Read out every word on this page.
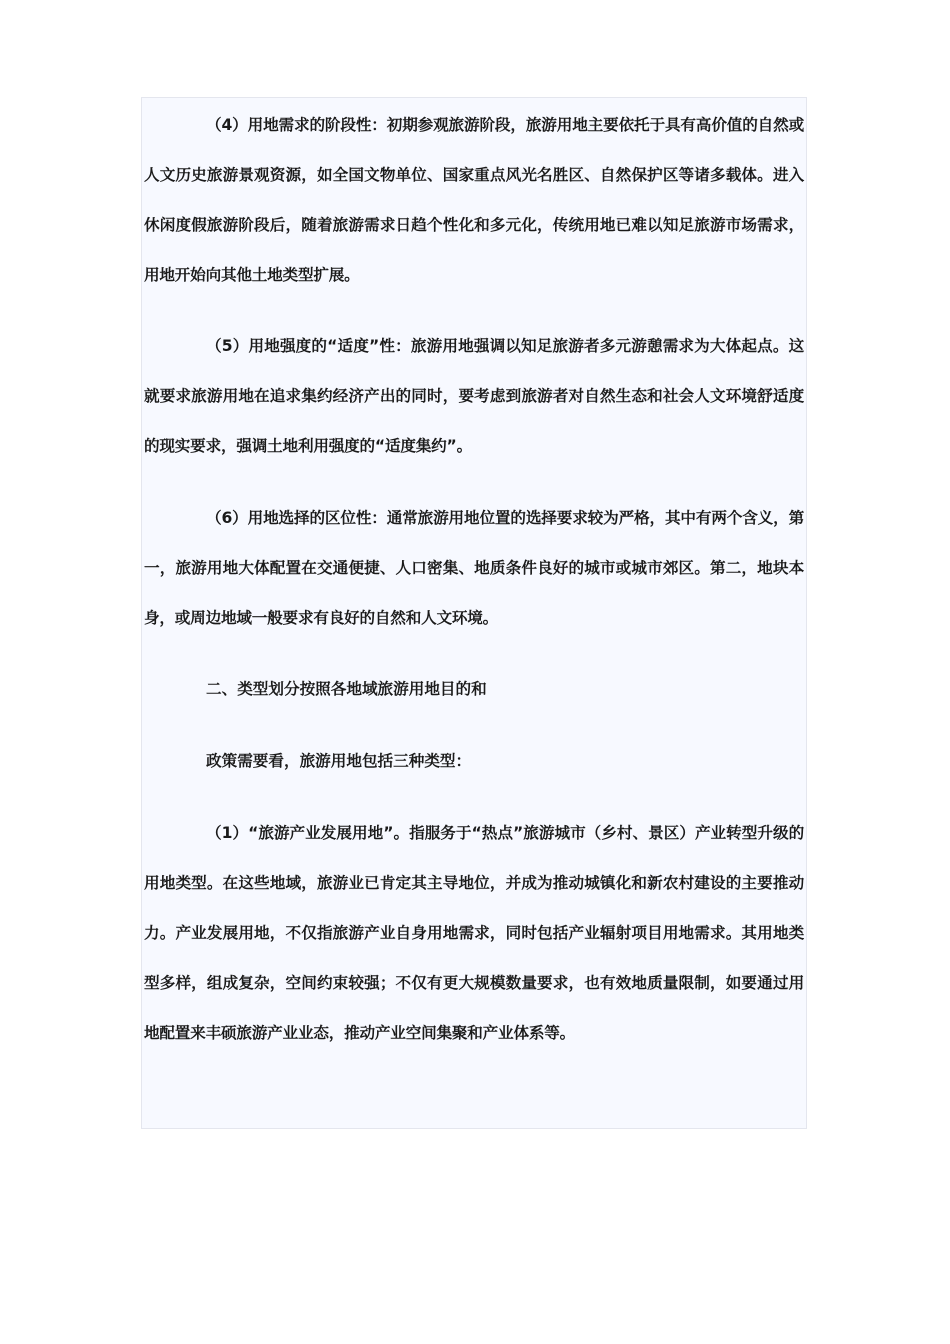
（4）用地需求的阶段性：初期参观旅游阶段，旅游用地主要依托于具有高价值的自然或人文历史旅游景观资源，如全国文物单位、国家重点风光名胜区、自然保护区等诸多载体。进入休闲度假旅游阶段后，随着旅游需求日趋个性化和多元化，传统用地已难以知足旅游市场需求，用地开始向其他土地类型扩展。

（5）用地强度的“适度”性：旅游用地强调以知足旅游者多元游憩需求为大体起点。这就要求旅游用地在追求集约经济产出的同时，要考虑到旅游者对自然生态和社会人文环境舒适度的现实要求，强调土地利用强度的“适度集约”。

（6）用地选择的区位性：通常旅游用地位置的选择要求较为严格，其中有两个含义，第一，旅游用地大体配置在交通便捷、人口密集、地质条件良好的城市或城市郊区。第二，地块本身，或周边地域一般要求有良好的自然和人文环境。

二、类型划分按照各地域旅游用地目的和

政策需要看，旅游用地包括三种类型：

（1）“旅游产业发展用地”。指服务于“热点”旅游城市（乡村、景区）产业转型升级的用地类型。在这些地域，旅游业已肯定其主导地位，并成为推动城镇化和新农村建设的主要推动力。产业发展用地，不仅指旅游产业自身用地需求，同时包括产业辐射项目用地需求。其用地类型多样，组成复杂，空间约束较强；不仅有更大规模数量要求，也有效地质量限制，如要通过用地配置来丰硕旅游产业业态，推动产业空间集聚和产业体系等。
